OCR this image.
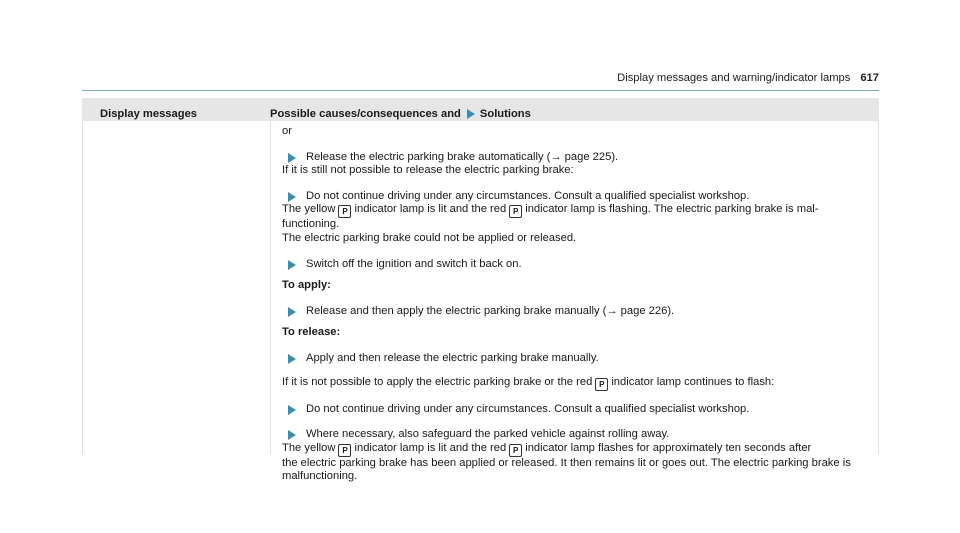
Display messages and warning/indicator lamps 617
Display messages	Possible causes/consequences and Solutions

or

Release the electric parking brake automatically (→ page 225).

If it is still not possible to release the electric parking brake:

Do not continue driving under any circumstances. Consult a qualified specialist workshop.

The yellow P indicator lamp is lit and the red P indicator lamp is flashing. The electric parking brake is mal-

functioning.

The electric parking brake could not be applied or released.

Switch off the ignition and switch it back on.

To apply:

Release and then apply the electric parking brake manually (→ page 226).

To release:

Apply and then release the electric parking brake manually.

If it is not possible to apply the electric parking brake or the red P indicator lamp continues to flash:

Do not continue driving under any circumstances. Consult a qualified specialist workshop.
Where necessary, also safeguard the parked vehicle against rolling away.

The yellow P indicator lamp is lit and the red P indicator lamp flashes for approximately ten seconds after

the electric parking brake has been applied or released. It then remains lit or goes out. The electric parking brake is

malfunctioning.
